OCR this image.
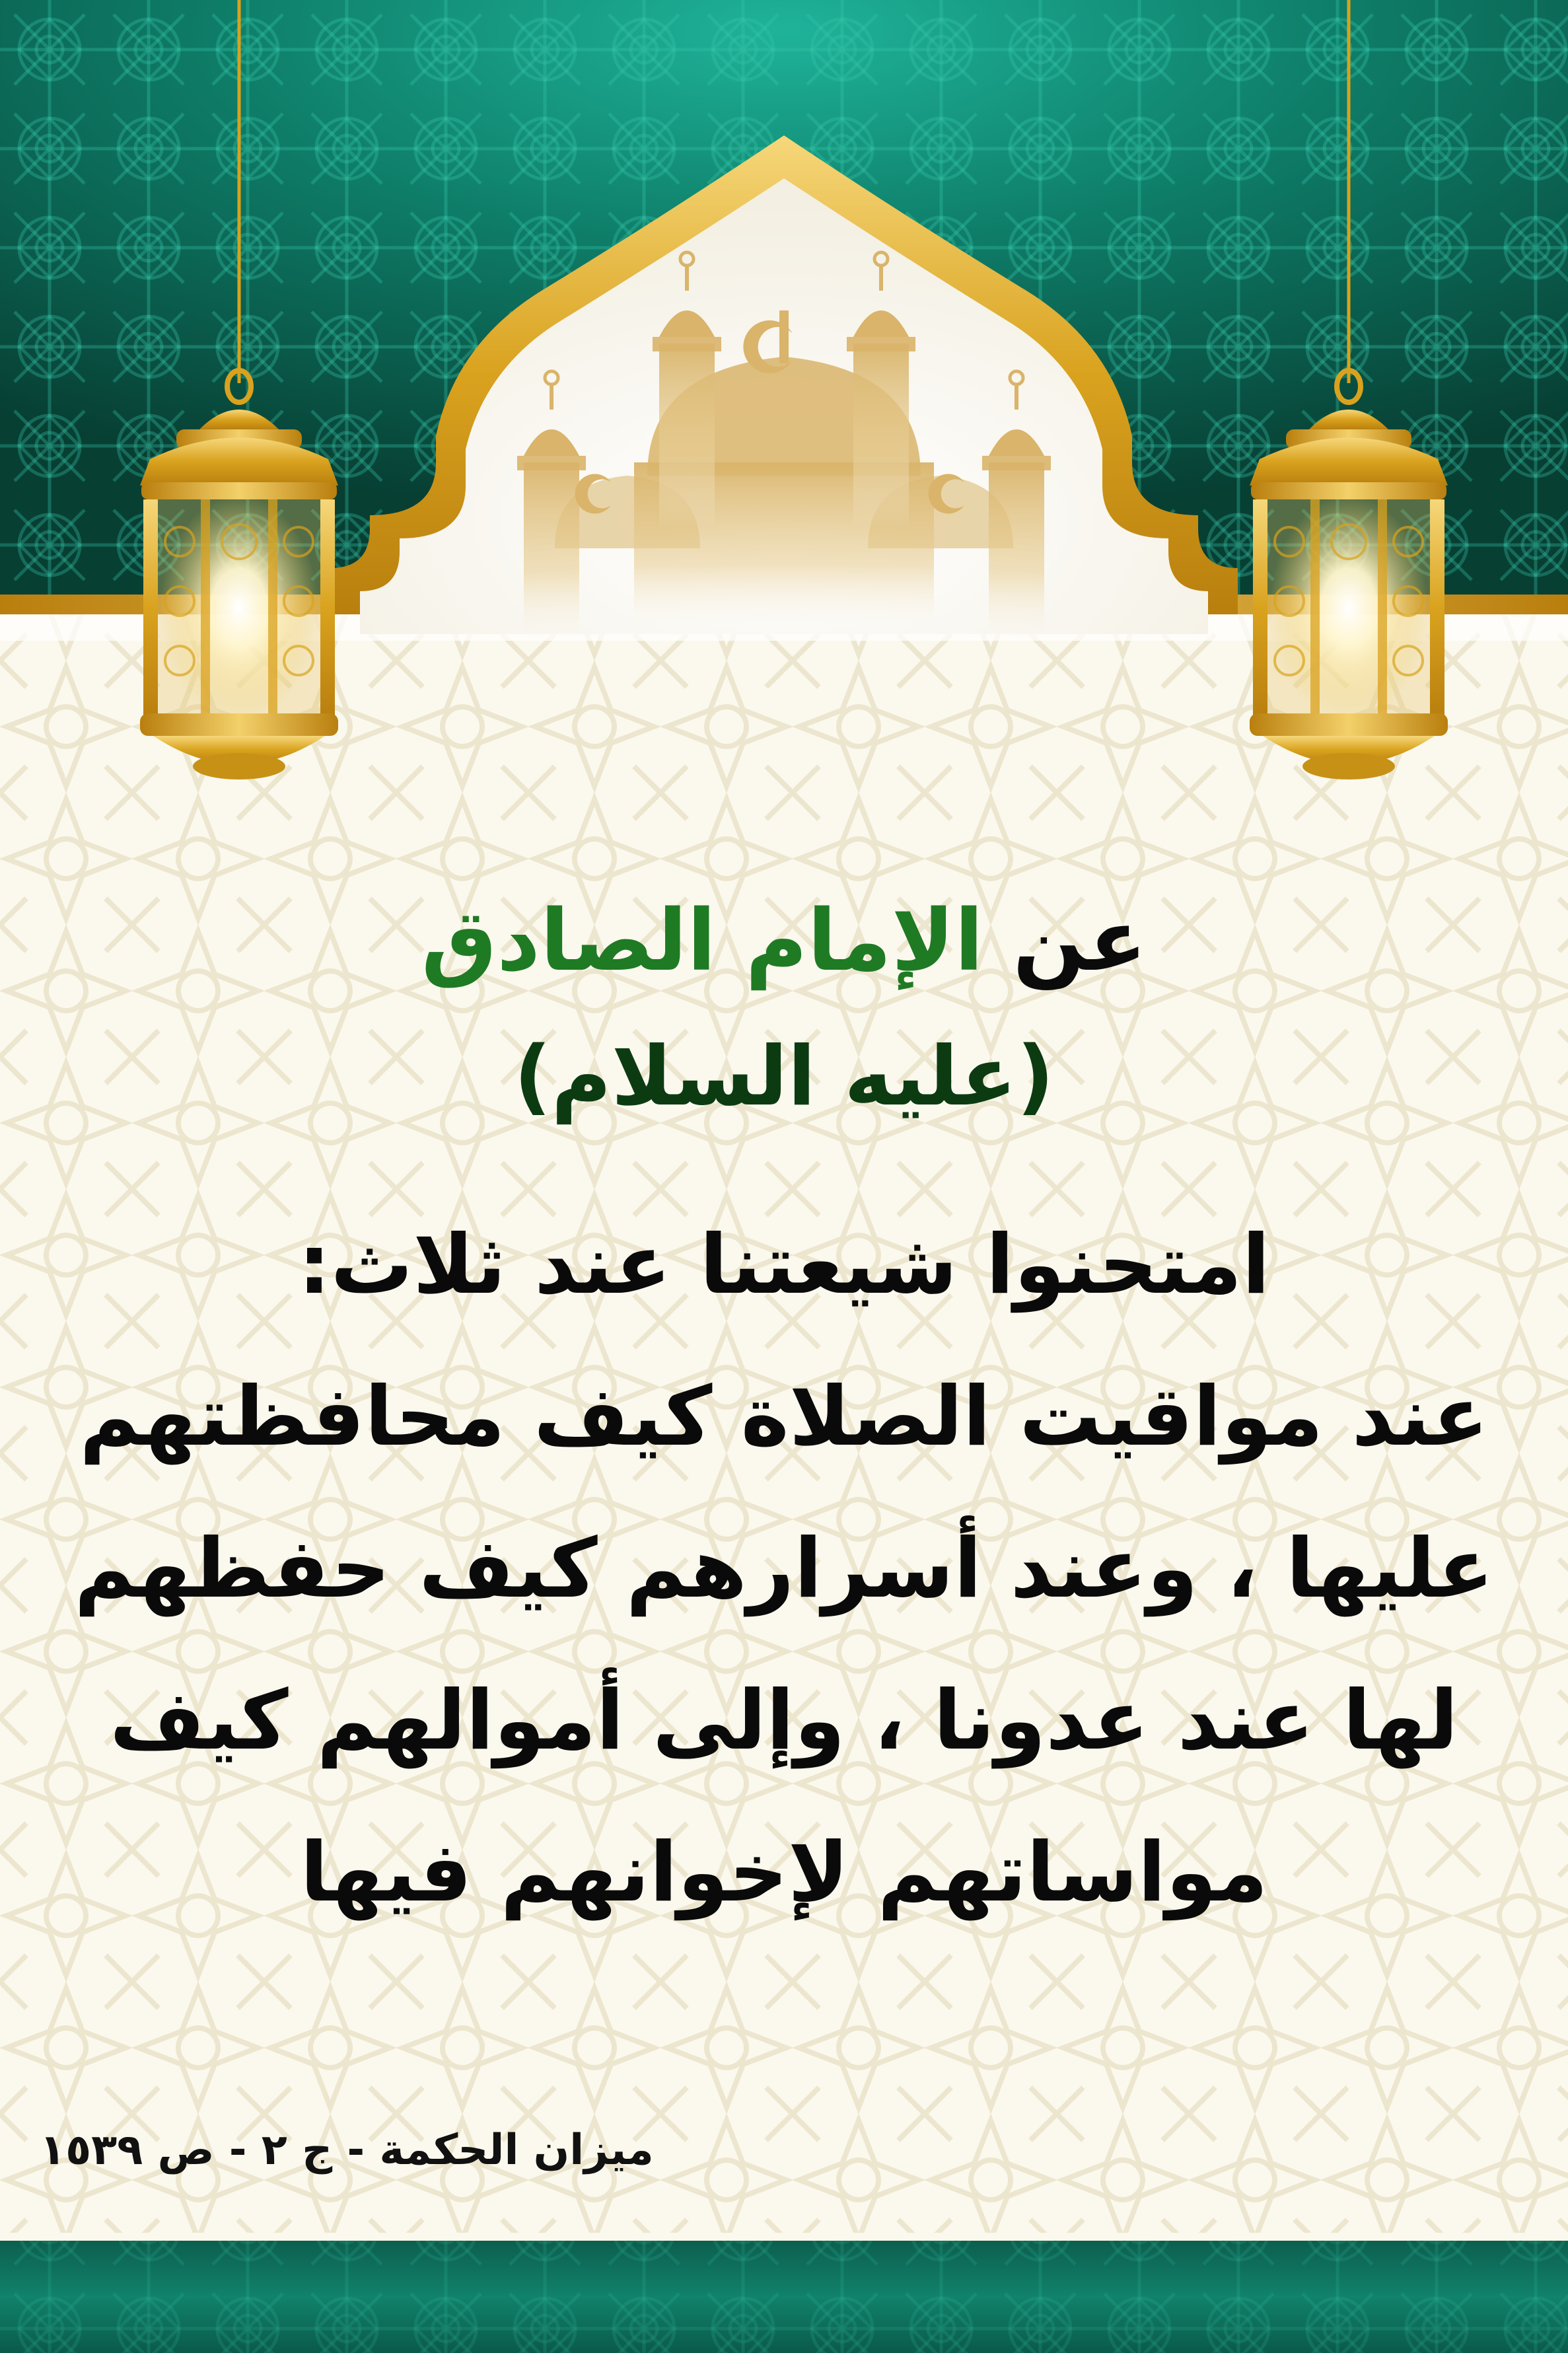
عن الإمام الصادق
(عليه السلام)
امتحنوا شيعتنا عند ثلاث:
عند مواقيت الصلاة كيف محافظتهم
عليها ، وعند أسرارهم كيف حفظهم
لها عند عدونا ، وإلى أموالهم كيف
مواساتهم لإخوانهم فيها
ميزان الحكمة - ج ٢ - ص ١٥٣٩
